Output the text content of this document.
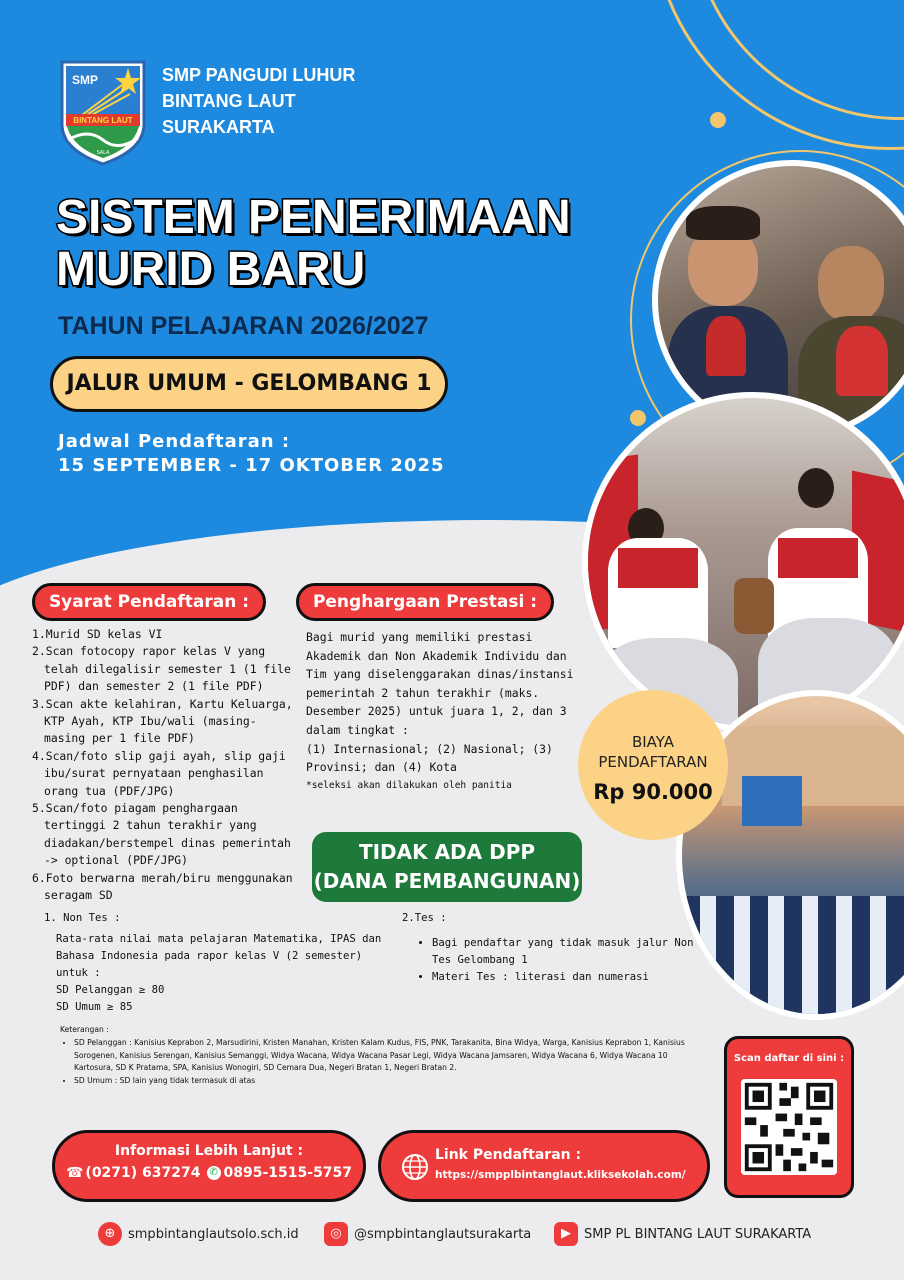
SMP
BINTANG LAUT
SALA
SMP PANGUDI LUHUR
BINTANG LAUT
SURAKARTA
SISTEM PENERIMAAN
MURID BARU
TAHUN PELAJARAN 2026/2027
JALUR UMUM - GELOMBANG 1
Jadwal Pendaftaran :
15 SEPTEMBER - 17 OKTOBER 2025
BIAYA PENDAFTARAN
Rp 90.000
Syarat Pendaftaran :
1.Murid SD kelas VI
2.Scan fotocopy rapor kelas V yang telah dilegalisir semester 1 (1 file PDF) dan semester 2 (1 file PDF)
3.Scan akte kelahiran, Kartu Keluarga, KTP Ayah, KTP Ibu/wali (masing-masing per 1 file PDF)
4.Scan/foto slip gaji ayah, slip gaji ibu/surat pernyataan penghasilan orang tua (PDF/JPG)
5.Scan/foto piagam penghargaan tertinggi 2 tahun terakhir yang diadakan/berstempel dinas pemerintah -> optional (PDF/JPG)
6.Foto berwarna merah/biru menggunakan seragam SD
Penghargaan Prestasi :
Bagi murid yang memiliki prestasi Akademik dan Non Akademik Individu dan Tim yang diselenggarakan dinas/instansi pemerintah 2 tahun terakhir (maks. Desember 2025) untuk juara 1, 2, dan 3 dalam tingkat :
(1) Internasional; (2) Nasional; (3) Provinsi; dan (4) Kota
*seleksi akan dilakukan oleh panitia
TIDAK ADA DPP
(DANA PEMBANGUNAN)
1. Non Tes :
Rata-rata nilai mata pelajaran Matematika, IPAS dan Bahasa Indonesia pada rapor kelas V (2 semester) untuk :
SD Pelanggan ≥ 80
SD Umum ≥ 85
2.Tes :
• Bagi pendaftar yang tidak masuk jalur Non Tes Gelombang 1
• Materi Tes : literasi dan numerasi
Keterangan :
• SD Pelanggan : Kanisius Keprabon 2, Marsudirini, Kristen Manahan, Kristen Kalam Kudus, FIS, PNK, Tarakanita, Bina Widya, Warga, Kanisius Keprabon 1, Kanisius Sorogenen, Kanisius Serengan, Kanisius Semanggi, Widya Wacana, Widya Wacana Pasar Legi, Widya Wacana Jamsaren, Widya Wacana 6, Widya Wacana 10 Kartosura, SD K Pratama, SPA, Kanisius Wonogiri, SD Cemara Dua, Negeri Bratan 1, Negeri Bratan 2.
• SD Umum : SD lain yang tidak termasuk di atas
Scan daftar di sini :
Informasi Lebih Lanjut :
☎ (0271) 637274 ✆ 0895-1515-5757
Link Pendaftaran :
https://smpplbintanglaut.kliksekolah.com/
⊕ smpbintanglautsolo.sch.id	◎ @smpbintanglautsurakarta	▶	SMP PL BINTANG LAUT SURAKARTA
